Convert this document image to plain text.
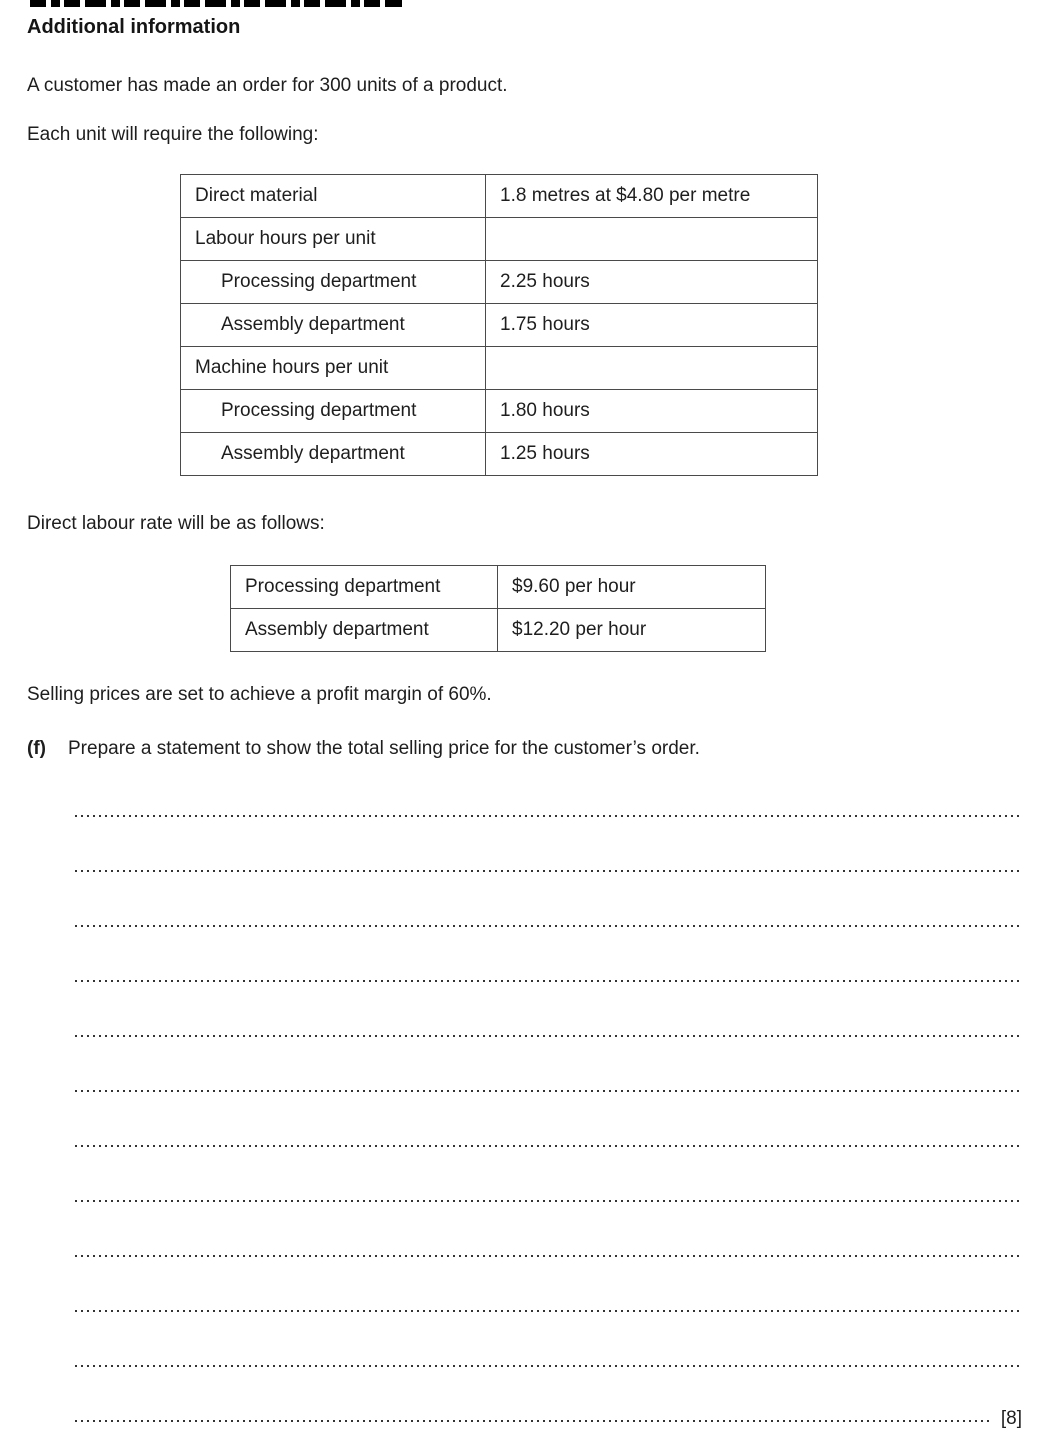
Additional information

A customer has made an order for 300 units of a product.

Each unit will require the following:

Direct material	1.8 metres at $4.80 per metre
Labour hours per unit	
Processing department	2.25 hours
Assembly department	1.75 hours
Machine hours per unit	
Processing department	1.80 hours
Assembly department	1.25 hours

Direct labour rate will be as follows:

Processing department	$9.60 per hour
Assembly department	$12.20 per hour

Selling prices are set to achieve a profit margin of 60%.

(f)	Prepare a statement to show the total selling price for the customer’s order.
[8]
